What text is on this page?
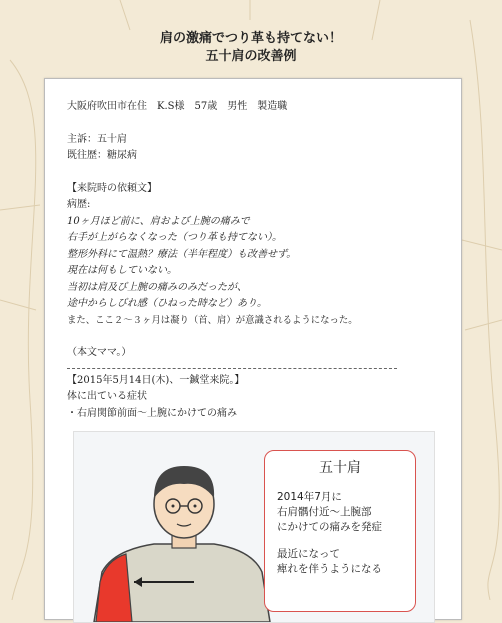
肩の激痛でつり革も持てない！
五十肩の改善例
大阪府吹田市在住　K.S様　57歳　男性　製造職
主訴：五十肩
既往歴：糖尿病
【来院時の依頼文】
病歴:
10ヶ月ほど前に、肩および上腕の痛みで
右手が上がらなくなった（つり革も持てない）。
整形外科にて温熱？療法（半年程度）も改善せず。
現在は何もしていない。
当初は肩及び上腕の痛みのみだったが、
途中からしびれ感（ひねった時など）あり。
また、ここ２〜３ヶ月は凝り（首、肩）が意識されるようになった。
（本文ママ。）
【2015年5月14日(木)、一鍼堂来院。】
体に出ている症状
・右肩関節前面〜上腕にかけての痛み
五十肩
2014年7月に
右肩髃付近〜上腕部
にかけての痛みを発症
最近になって
痺れを伴うようになる
